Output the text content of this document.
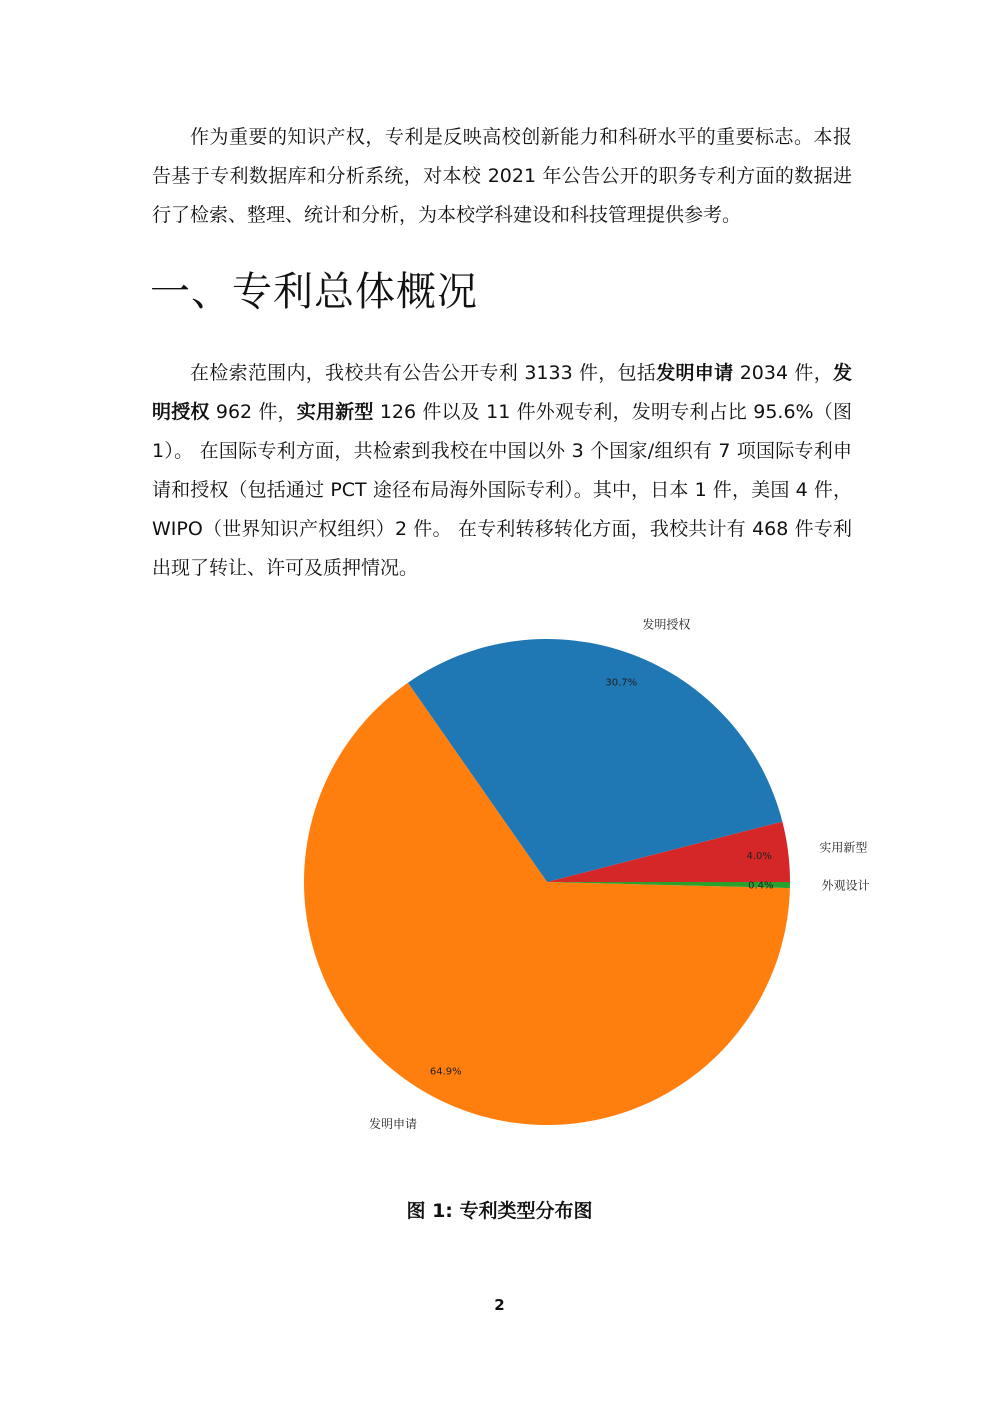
作为重要的知识产权，专利是反映高校创新能力和科研水平的重要标志。本报告基于专利数据库和分析系统，对本校 2021 年公告公开的职务专利方面的数据进行了检索、整理、统计和分析，为本校学科建设和科技管理提供参考。

一、专利总体概况

在检索范围内，我校共有公告公开专利 3133 件，包括发明申请 2034 件，发明授权 962 件，实用新型 126 件以及 11 件外观专利，发明专利占比 95.6%（图 1）。 在国际专利方面，共检索到我校在中国以外 3 个国家/组织有 7 项国际专利申请和授权（包括通过 PCT 途径布局海外国际专利）。其中，日本 1 件，美国 4 件，WIPO（世界知识产权组织）2 件。 在专利转移转化方面，我校共计有 468 件专利出现了转让、许可及质押情况。

4.0%
实用新型
30.7%
发明授权
64.9%
发明申请
0.4%	外观设计

图 1: 专利类型分布图

2
